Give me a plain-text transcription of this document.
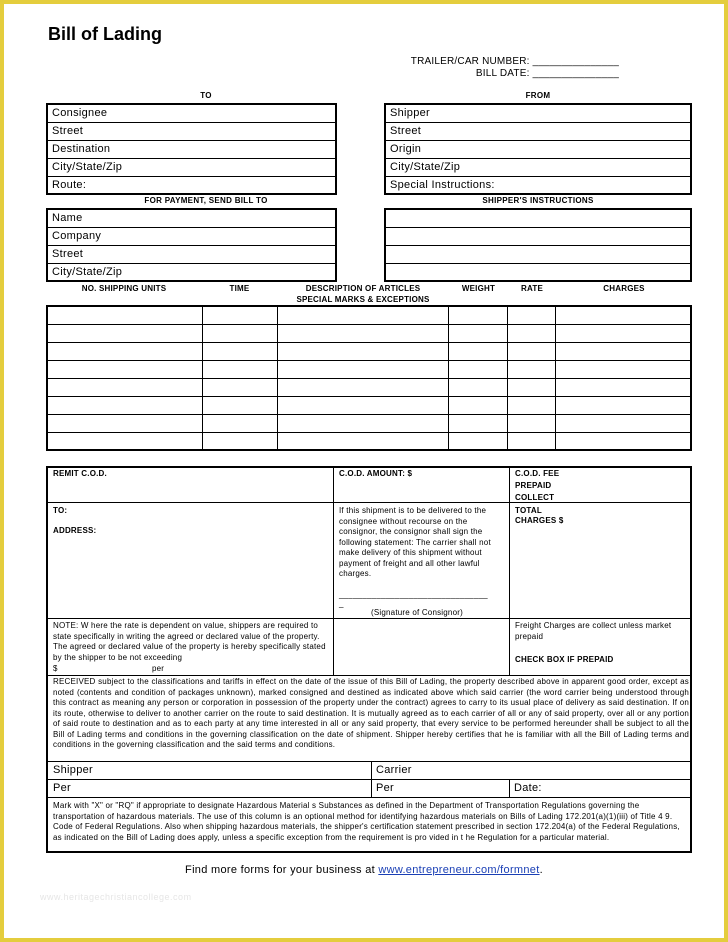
Bill of Lading
TRAILER/CAR NUMBER: _______________
BILL DATE: _______________
TO	FROM
Consignee
Street
Destination
City/State/Zip
Route:
Shipper
Street
Origin
City/State/Zip
Special Instructions:
FOR PAYMENT, SEND BILL TO	SHIPPER'S INSTRUCTIONS
Name
Company
Street
City/State/Zip

NO. SHIPPING UNITS	TIME	DESCRIPTION OF ARTICLES
SPECIAL MARKS & EXCEPTIONS
WEIGHT	RATE	CHARGES

REMIT C.O.D.	C.O.D. AMOUNT: $	C.O.D. FEE
PREPAID
COLLECT
TO:
ADDRESS:
If this shipment is to be delivered to the consignee without recourse on the consignor, the consignor shall sign the following statement: The carrier shall not make delivery of this shipment without payment of freight and all other lawful charges.
________________________________
_
(Signature of Consignor)
TOTAL
CHARGES $
NOTE: W here the rate is dependent on value, shippers are required to state specifically in writing the agreed or declared value of the property. The agreed or declared value of the property is hereby specifically stated by the shipper to be not exceeding
$	per
Freight Charges are collect unless market prepaid
CHECK BOX IF PREPAID
RECEIVED subject to the classifications and tariffs in effect on the date of the issue of this Bill of Lading, the property described above in apparent good order, except as noted (contents and condition of packages unknown), marked consigned and destined as indicated above which said carrier (the word carrier being understood through this contract as meaning any person or corporation in possession of the property under the contract) agrees to carry to its usual place of delivery as said destination. If on its route, otherwise to deliver to another carrier on the route to said destination. It is mutually agreed as to each carrier of all or any of said property, over all or any portion of said route to destination and as to each party at any time interested in all or any said property, that every service to be performed hereunder shall be subject to all the Bill of Lading terms and conditions in the governing classification on the date of shipment. Shipper hereby certifies that he is familiar with all the Bill of Lading terms and conditions in the governing classification and the said terms and conditions.
Shipper	Carrier
Per	Per	Date:
Mark with "X" or "RQ" if appropriate to designate Hazardous Material s Substances as defined in the Department of Transportation Regulations governing the transportation of hazardous materials. The use of this column is an optional method for identifying hazardous materials on Bills of Lading 172.201(a)(1)(iii) of Title 4 9. Code of Federal Regulations. Also when shipping hazardous materials, the shipper's certification statement prescribed in section 172.204(a) of the Federal Regulations, as indicated on the Bill of Lading does apply, unless a specific exception from the requirement is pro vided in t he Regulation for a particular material.
Find more forms for your business at www.entrepreneur.com/formnet.
www.heritagechristiancollege.com
